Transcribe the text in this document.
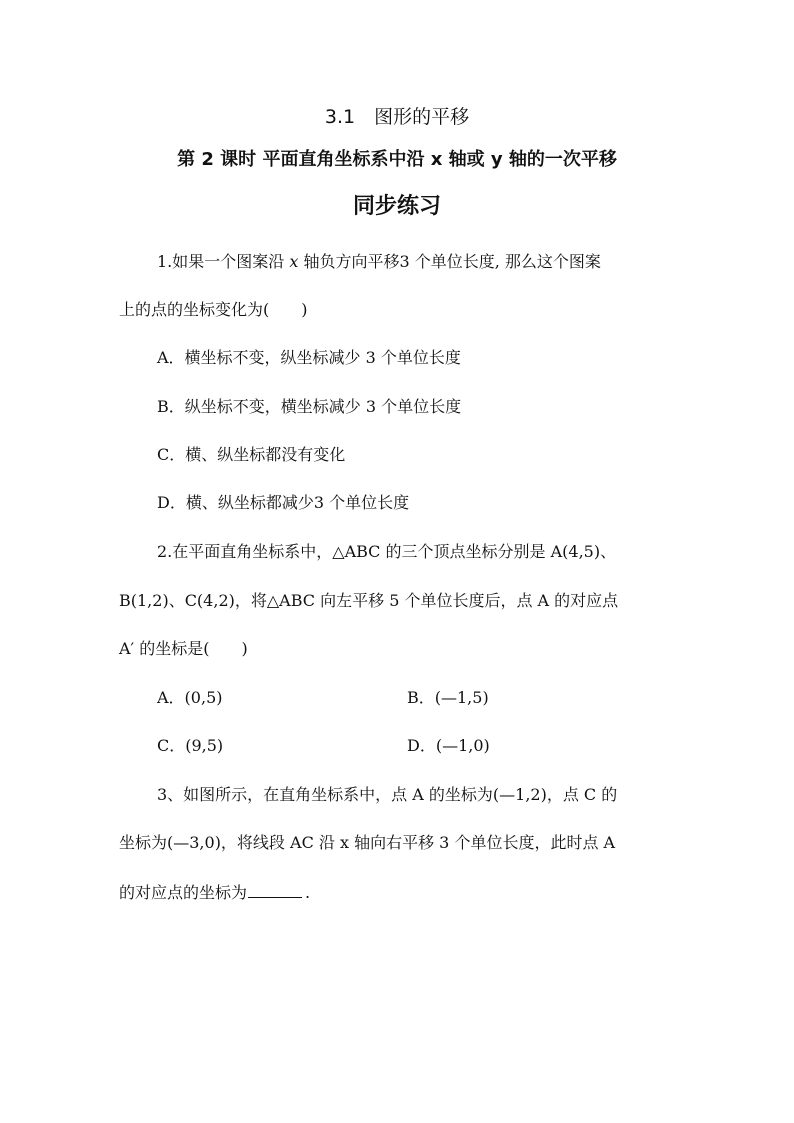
3.1　图形的平移
第 2 课时 平面直角坐标系中沿 x 轴或 y 轴的一次平移
同步练习
1.如果一个图案沿 x 轴负方向平移3 个单位长度, 那么这个图案
上的点的坐标变化为(　　)
A．横坐标不变，纵坐标减少 3 个单位长度
B．纵坐标不变，横坐标减少 3 个单位长度
C．横、纵坐标都没有变化
D．横、纵坐标都减少3 个单位长度
2.在平面直角坐标系中，△ABC 的三个顶点坐标分别是 A(4,5)、
B(1,2)、C(4,2)，将△ABC 向左平移 5 个单位长度后，点 A 的对应点
A′ 的坐标是(　　)
A．(0,5)	B．(—1,5)
C．(9,5)	D．(—1,0)
3、如图所示，在直角坐标系中，点 A 的坐标为(—1,2)，点 C 的
坐标为(—3,0)，将线段 AC 沿 x 轴向右平移 3 个单位长度，此时点 A
的对应点的坐标为	.
